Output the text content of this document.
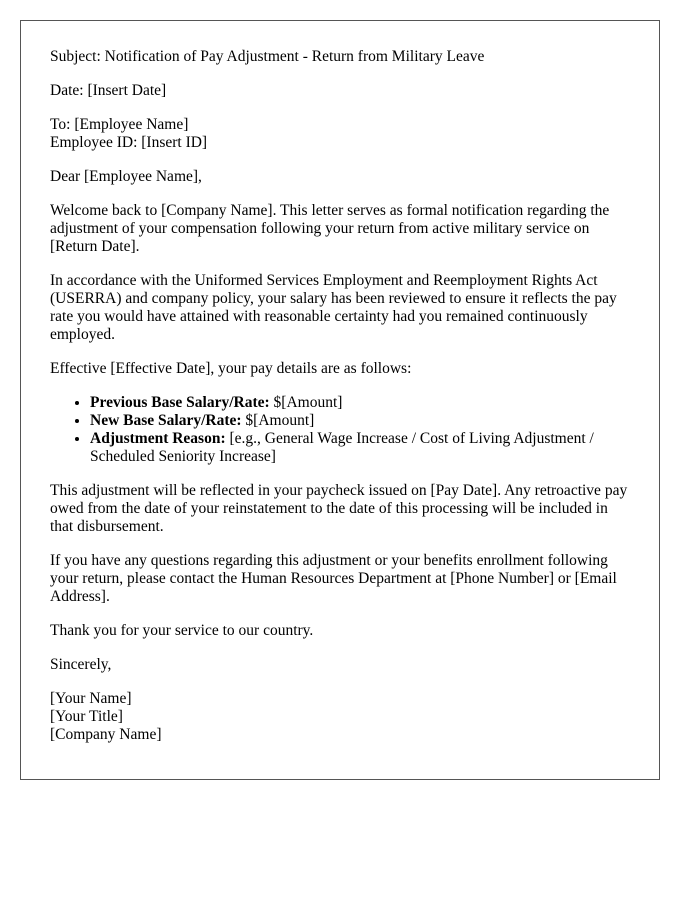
Subject: Notification of Pay Adjustment - Return from Military Leave

Date: [Insert Date]

To: [Employee Name]
Employee ID: [Insert ID]

Dear [Employee Name],

Welcome back to [Company Name]. This letter serves as formal notification regarding the adjustment of your compensation following your return from active military service on [Return Date].

In accordance with the Uniformed Services Employment and Reemployment Rights Act (USERRA) and company policy, your salary has been reviewed to ensure it reflects the pay rate you would have attained with reasonable certainty had you remained continuously employed.

Effective [Effective Date], your pay details are as follows:

• Previous Base Salary/Rate: $[Amount]
• New Base Salary/Rate: $[Amount]
• Adjustment Reason: [e.g., General Wage Increase / Cost of Living Adjustment / Scheduled Seniority Increase]

This adjustment will be reflected in your paycheck issued on [Pay Date]. Any retroactive pay owed from the date of your reinstatement to the date of this processing will be included in that disbursement.

If you have any questions regarding this adjustment or your benefits enrollment following your return, please contact the Human Resources Department at [Phone Number] or [Email Address].

Thank you for your service to our country.

Sincerely,

[Your Name]
[Your Title]
[Company Name]
